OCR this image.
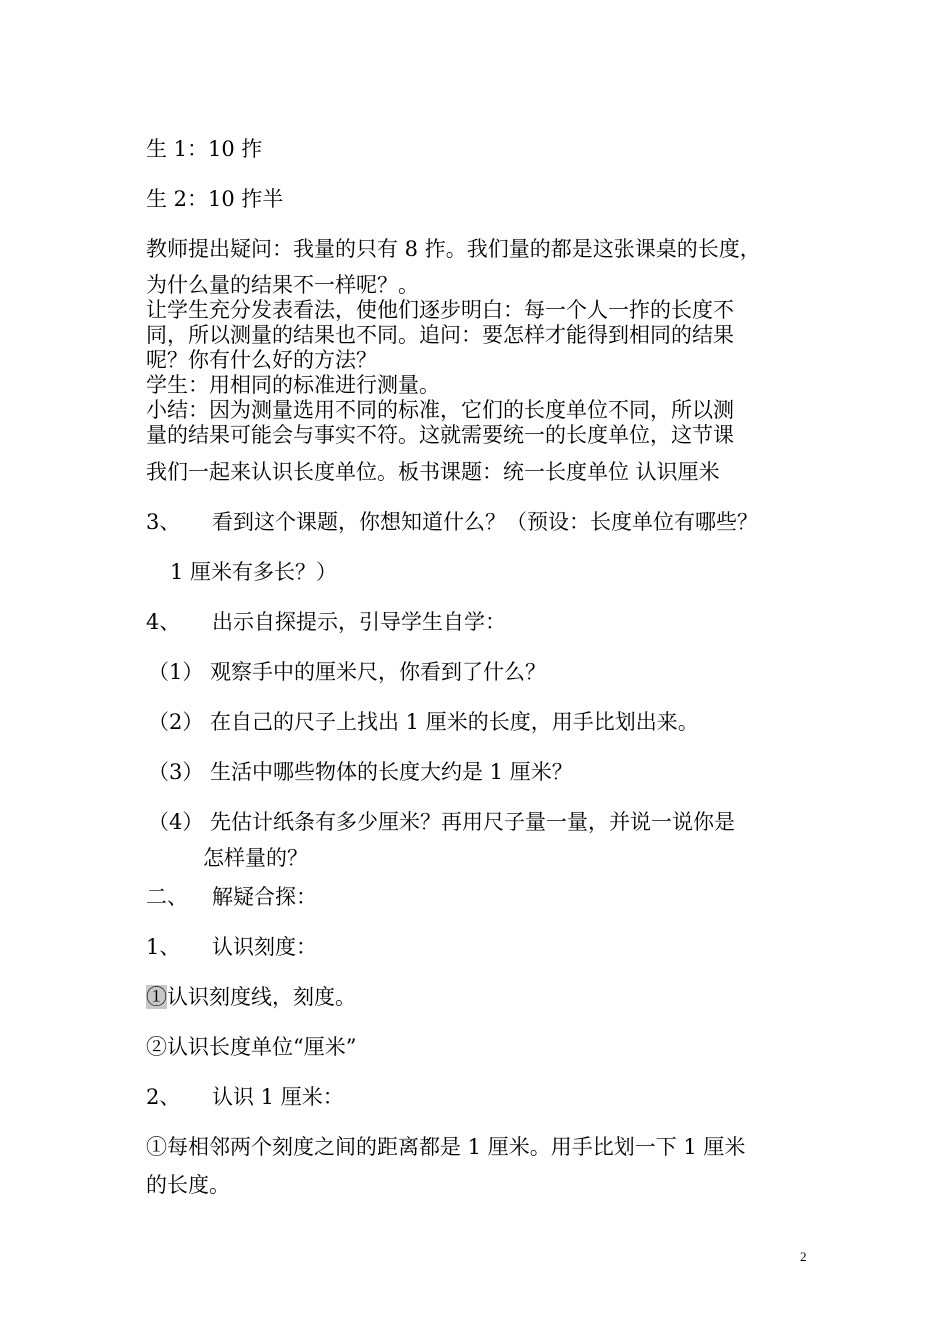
生 1：10 拃
生 2：10 拃半
教师提出疑问：我量的只有 8 拃。我们量的都是这张课桌的长度，
为什么量的结果不一样呢？。
让学生充分发表看法，使他们逐步明白：每一个人一拃的长度不
同，所以测量的结果也不同。追问：要怎样才能得到相同的结果
呢？你有什么好的方法？
学生：用相同的标准进行测量。
小结：因为测量选用不同的标准，它们的长度单位不同，所以测
量的结果可能会与事实不符。这就需要统一的长度单位，这节课
我们一起来认识长度单位。板书课题：统一长度单位 认识厘米
3、 看到这个课题，你想知道什么？（预设：长度单位有哪些？
1 厘米有多长？）
4、 出示自探提示，引导学生自学：
（1） 观察手中的厘米尺，你看到了什么？
（2） 在自己的尺子上找出 1 厘米的长度，用手比划出来。
（3） 生活中哪些物体的长度大约是 1 厘米？
（4） 先估计纸条有多少厘米？再用尺子量一量，并说一说你是
怎样量的？
二、 解疑合探：
1、 认识刻度：
①认识刻度线，刻度。
②认识长度单位“厘米”
2、 认识 1 厘米：
①每相邻两个刻度之间的距离都是 1 厘米。用手比划一下 1 厘米
的长度。
2
